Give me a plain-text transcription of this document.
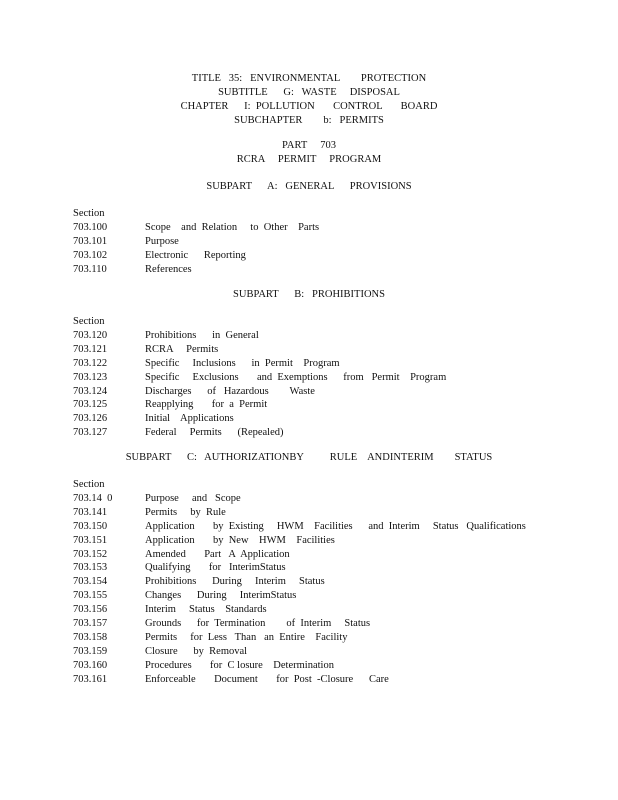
TITLE   35:   ENVIRONMENTAL        PROTECTION
SUBTITLE      G:   WASTE     DISPOSAL
CHAPTER      I:  POLLUTION       CONTROL       BOARD
SUBCHAPTER        b:   PERMITS
PART     703
RCRA     PERMIT     PROGRAM
SUBPART      A:   GENERAL      PROVISIONS
Section
703.100	Scope    and  Relation     to  Other    Parts
703.101	Purpose
703.102	Electronic      Reporting
703.110	References
SUBPART      B:   PROHIBITIONS
Section
703.120	Prohibitions      in  General
703.121	RCRA     Permits
703.122	Specific     Inclusions      in  Permit    Program
703.123	Specific     Exclusions       and  Exemptions      from   Permit    Program
703.124	Discharges      of   Hazardous        Waste
703.125	Reapplying       for  a  Permit
703.126	Initial    Applications
703.127	Federal     Permits      (Repealed)
SUBPART      C:   AUTHORIZATIONBY          RULE    ANDINTERIM        STATUS
Section
703.14  0	Purpose     and   Scope
703.141	Permits     by  Rule
703.150	Application       by  Existing     HWM    Facilities      and  Interim     Status   Qualifications
703.151	Application       by  New    HWM    Facilities
703.152	Amended       Part   A  Application
703.153	Qualifying       for   InterimStatus
703.154	Prohibitions      During     Interim     Status
703.155	Changes      During     InterimStatus
703.156	Interim     Status    Standards
703.157	Grounds      for  Termination        of  Interim     Status
703.158	Permits     for  Less   Than   an  Entire    Facility
703.159	Closure      by  Removal
703.160	Procedures       for  C losure    Determination
703.161	Enforceable       Document       for  Post  -Closure      Care
